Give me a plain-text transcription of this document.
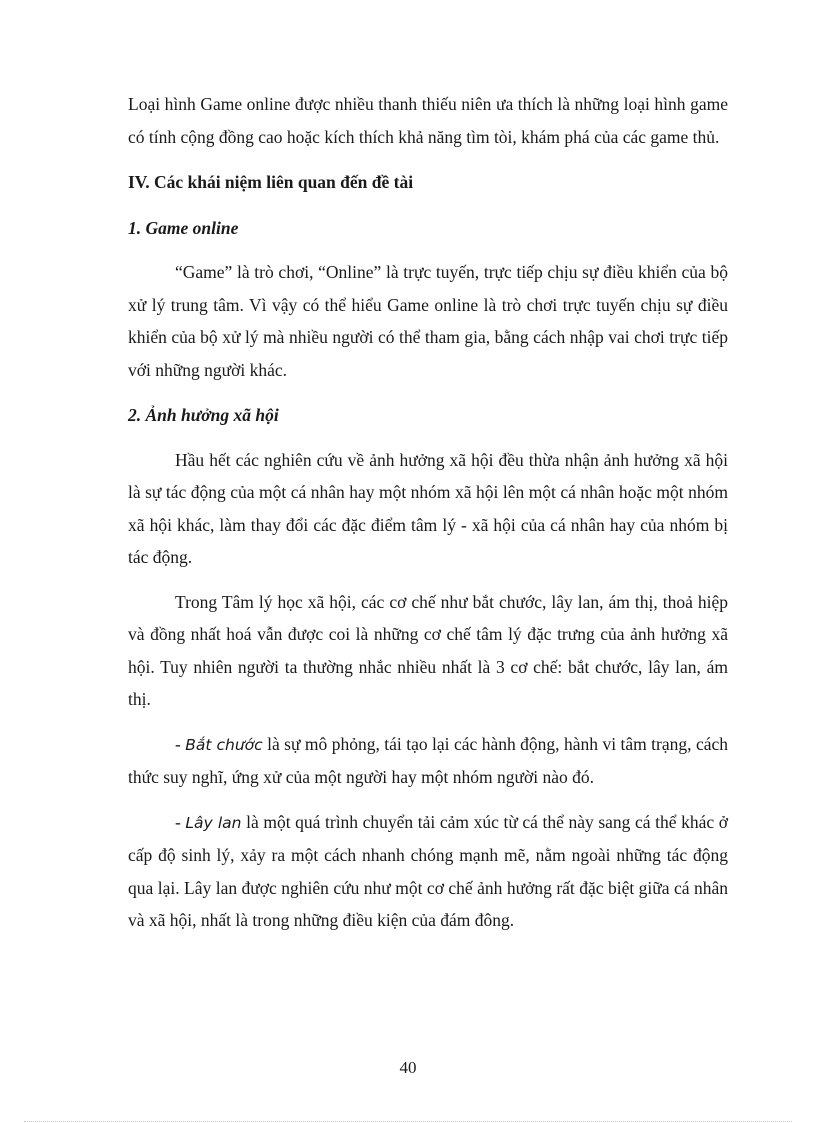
Loại hình Game online được nhiều thanh thiếu niên ưa thích là những loại hình game có tính cộng đồng cao hoặc kích thích khả năng tìm tòi, khám phá của các game thủ.

IV. Các khái niệm liên quan đến đề tài
1. Game online

“Game” là trò chơi, “Online” là trực tuyến, trực tiếp chịu sự điều khiển của bộ xử lý trung tâm. Vì vậy có thể hiểu Game online là trò chơi trực tuyến chịu sự điều khiển của bộ xử lý mà nhiều người có thể tham gia, bằng cách nhập vai chơi trực tiếp với những người khác.

2. Ảnh hưởng xã hội

Hầu hết các nghiên cứu về ảnh hưởng xã hội đều thừa nhận ảnh hưởng xã hội là sự tác động của một cá nhân hay một nhóm xã hội lên một cá nhân hoặc một nhóm xã hội khác, làm thay đổi các đặc điểm tâm lý - xã hội của cá nhân hay của nhóm bị tác động.

Trong Tâm lý học xã hội, các cơ chế như bắt chước, lây lan, ám thị, thoả hiệp và đồng nhất hoá vẫn được coi là những cơ chế tâm lý đặc trưng của ảnh hưởng xã hội. Tuy nhiên người ta thường nhắc nhiều nhất là 3 cơ chế: bắt chước, lây lan, ám thị.

- Bắt chước là sự mô phỏng, tái tạo lại các hành động, hành vi tâm trạng, cách thức suy nghĩ, ứng xử của một người hay một nhóm người nào đó.

- Lây lan là một quá trình chuyển tải cảm xúc từ cá thể này sang cá thể khác ở cấp độ sinh lý, xảy ra một cách nhanh chóng mạnh mẽ, nằm ngoài những tác động qua lại. Lây lan được nghiên cứu như một cơ chế ảnh hưởng rất đặc biệt giữa cá nhân và xã hội, nhất là trong những điều kiện của đám đông.

40
